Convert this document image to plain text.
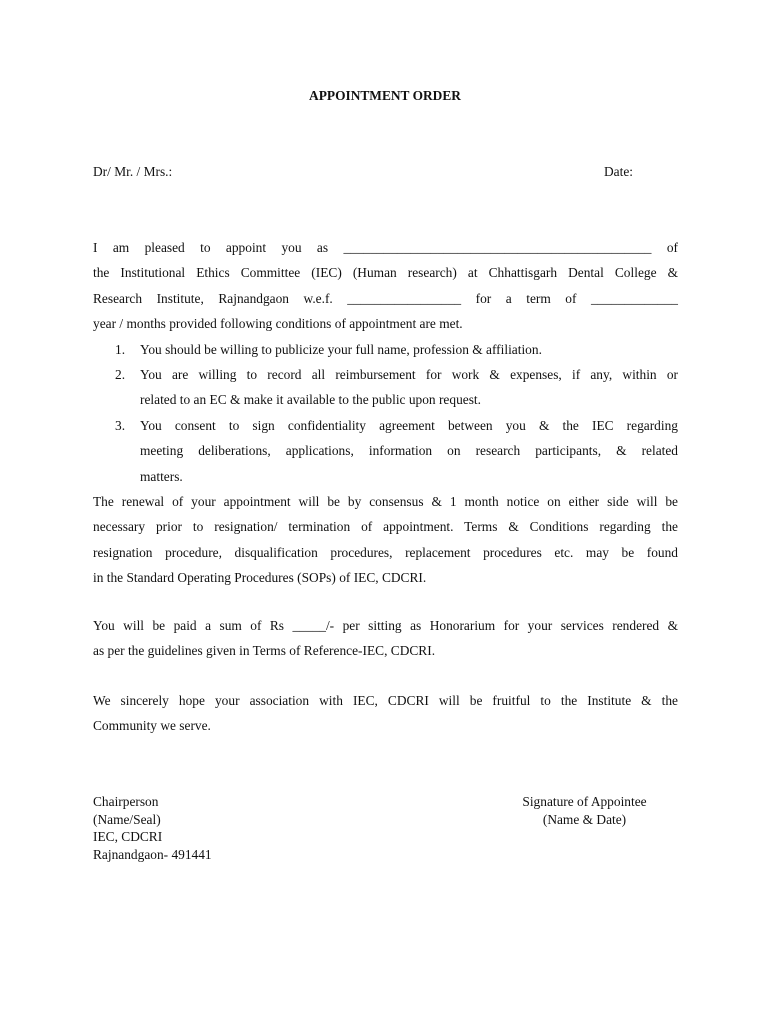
APPOINTMENT ORDER
Dr/ Mr. / Mrs.:	Date:
I am pleased to appoint you as ______________________________________________ of
the Institutional Ethics Committee (IEC) (Human research) at Chhattisgarh Dental College &
Research Institute, Rajnandgaon w.e.f. _________________ for a term of _____________
year / months provided following conditions of appointment are met.
1. You should be willing to publicize your full name, profession & affiliation.
2. You are willing to record all reimbursement for work & expenses, if any, within or
related to an EC & make it available to the public upon request.
3. You consent to sign confidentiality agreement between you & the IEC regarding
meeting deliberations, applications, information on research participants, & related
matters.
The renewal of your appointment will be by consensus & 1 month notice on either side will be
necessary prior to resignation/ termination of appointment. Terms & Conditions regarding the
resignation procedure, disqualification procedures, replacement procedures etc. may be found
in the Standard Operating Procedures (SOPs) of IEC, CDCRI.
You will be paid a sum of Rs _____/- per sitting as Honorarium for your services rendered &
as per the guidelines given in Terms of Reference-IEC, CDCRI.
We sincerely hope your association with IEC, CDCRI will be fruitful to the Institute & the
Community we serve.
Chairperson
(Name/Seal)
IEC, CDCRI
Rajnandgaon- 491441
Signature of Appointee
(Name & Date)
